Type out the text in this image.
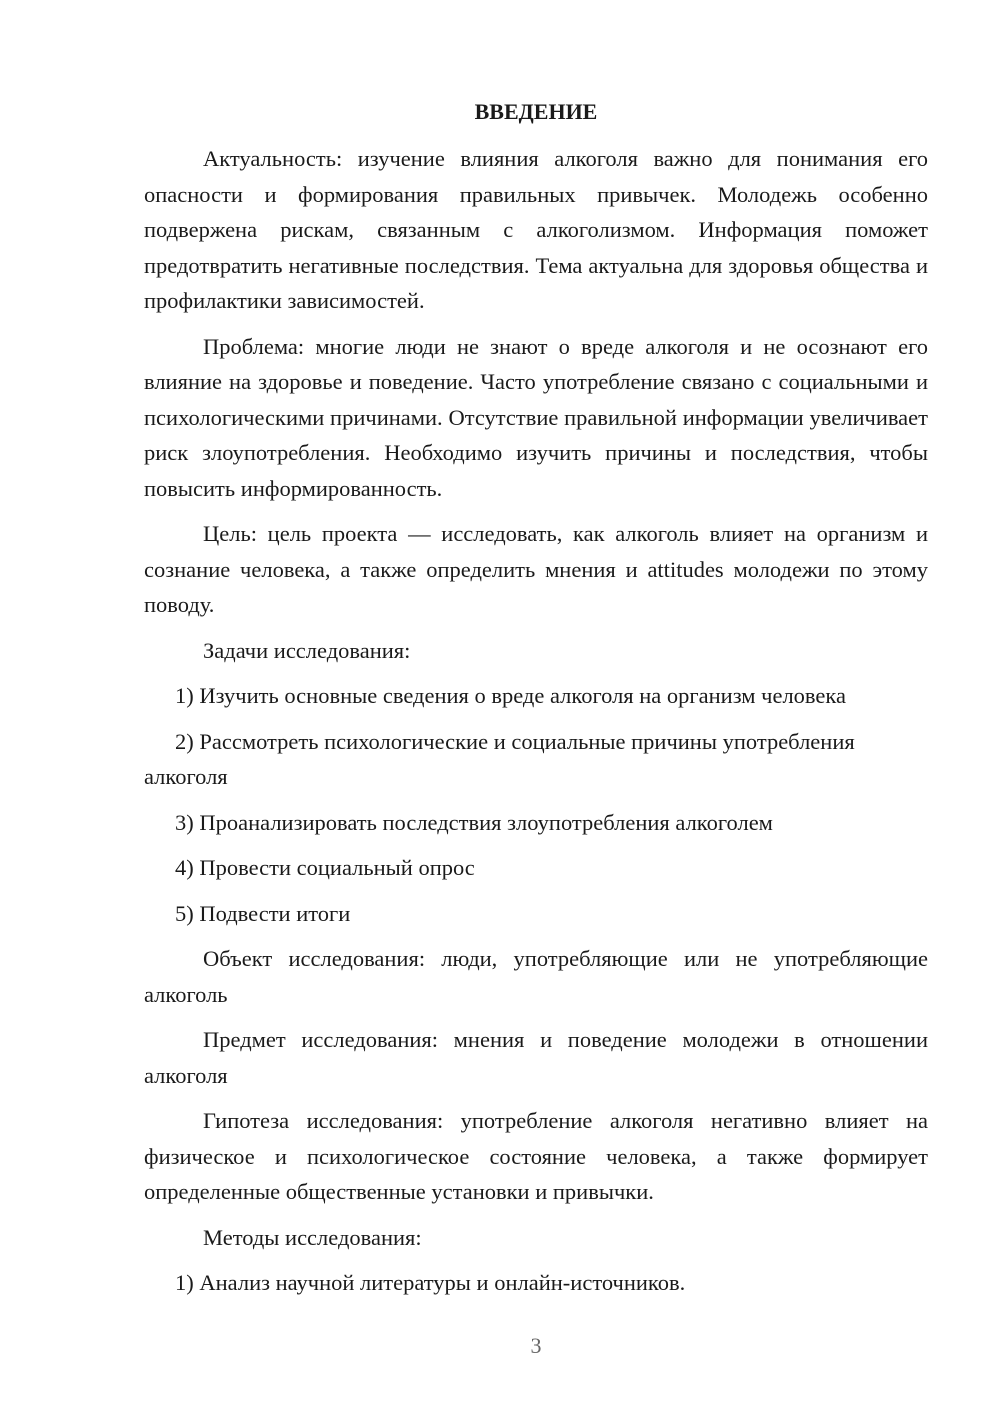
ВВЕДЕНИЕ

Актуальность: изучение влияния алкоголя важно для понимания его опасности и формирования правильных привычек. Молодежь особенно подвержена рискам, связанным с алкоголизмом. Информация поможет предотвратить негативные последствия. Тема актуальна для здоровья общества и профилактики зависимостей.

Проблема: многие люди не знают о вреде алкоголя и не осознают его влияние на здоровье и поведение. Часто употребление связано с социальными и психологическими причинами. Отсутствие правильной информации увеличивает риск злоупотребления. Необходимо изучить причины и последствия, чтобы повысить информированность.

Цель: цель проекта — исследовать, как алкоголь влияет на организм и сознание человека, а также определить мнения и attitudes молодежи по этому поводу.

Задачи исследования:

1) Изучить основные сведения о вреде алкоголя на организм человека

2) Рассмотреть психологические и социальные причины употребления алкоголя

3) Проанализировать последствия злоупотребления алкоголем

4) Провести социальный опрос

5) Подвести итоги

Объект исследования: люди, употребляющие или не употребляющие алкоголь

Предмет исследования: мнения и поведение молодежи в отношении алкоголя

Гипотеза исследования: употребление алкоголя негативно влияет на физическое и психологическое состояние человека, а также формирует определенные общественные установки и привычки.

Методы исследования:

1) Анализ научной литературы и онлайн-источников.

3
